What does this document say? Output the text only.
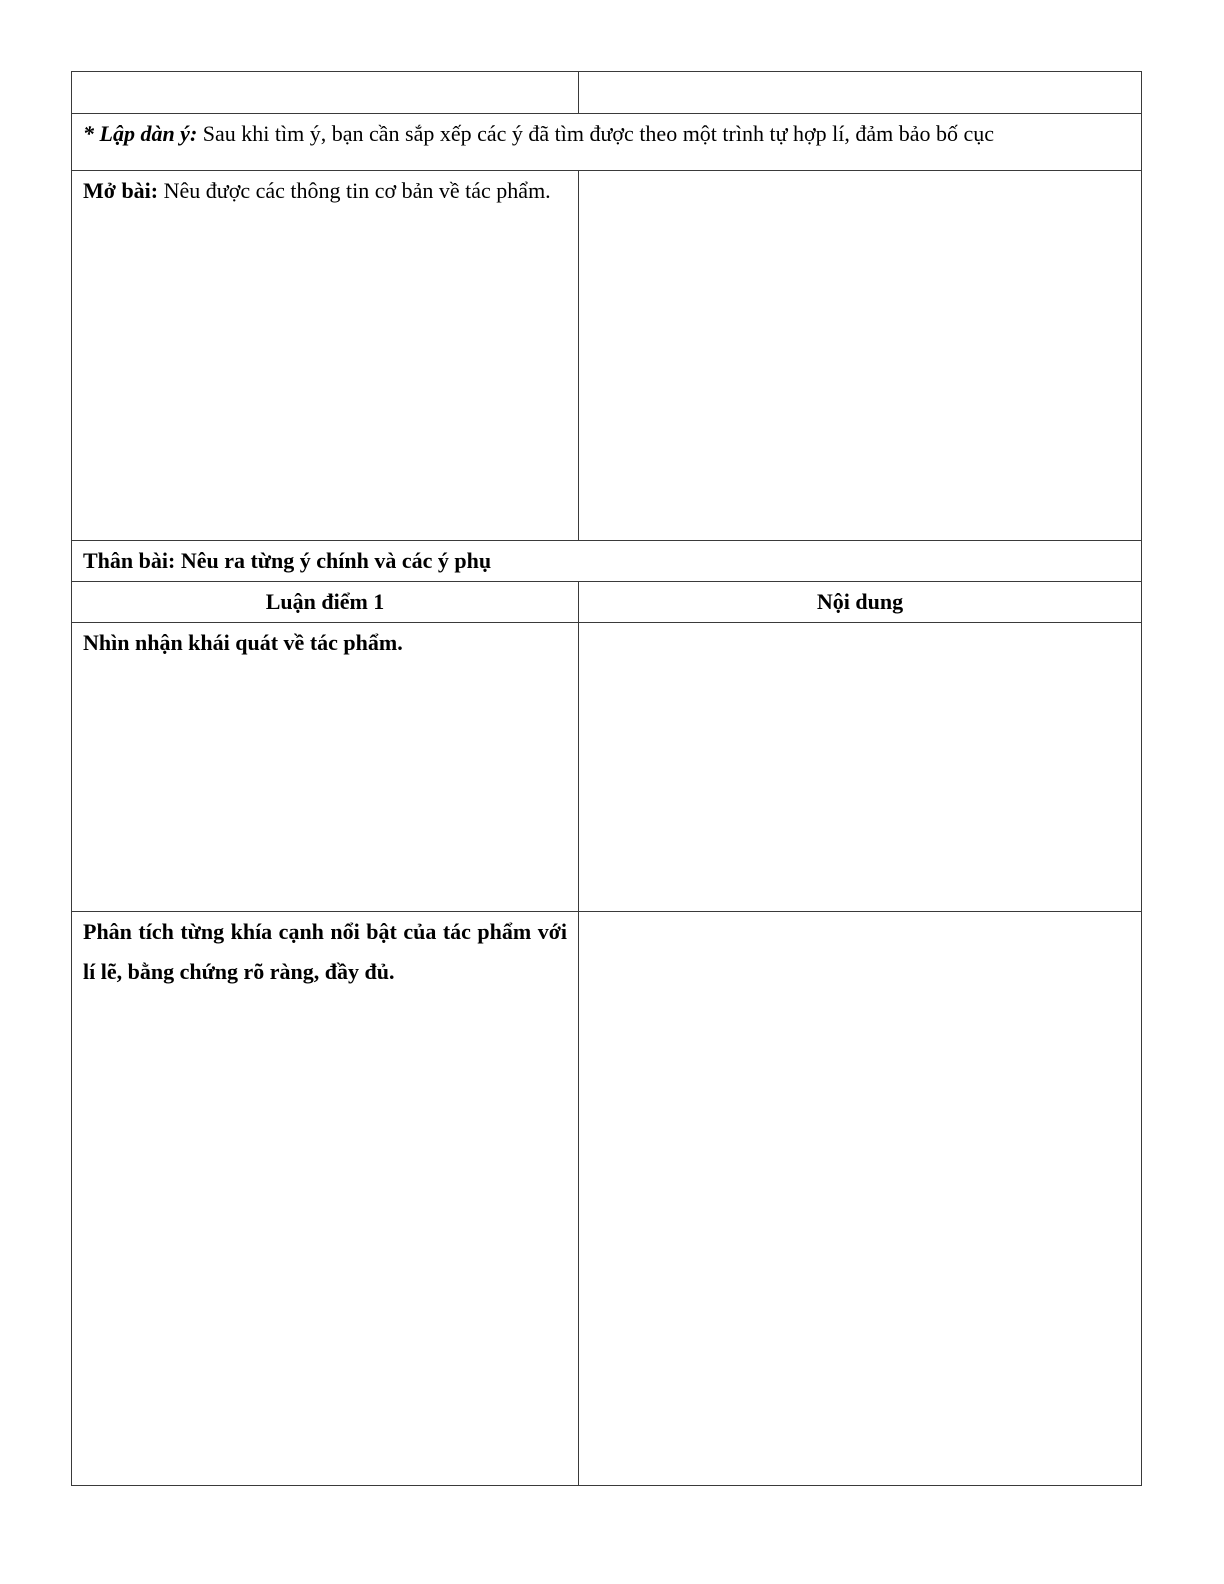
* Lập dàn ý: Sau khi tìm ý, bạn cần sắp xếp các ý đã tìm được theo một trình tự hợp lí, đảm bảo bố cục	
Mở bài: Nêu được các thông tin cơ bản về tác phẩm.	
Thân bài: Nêu ra từng ý chính và các ý phụ	
Luận điểm 1	Nội dung
Nhìn nhận khái quát về tác phẩm.	
Phân tích từng khía cạnh nổi bật của tác phẩm với lí lẽ, bằng chứng rõ ràng, đầy đủ.	
